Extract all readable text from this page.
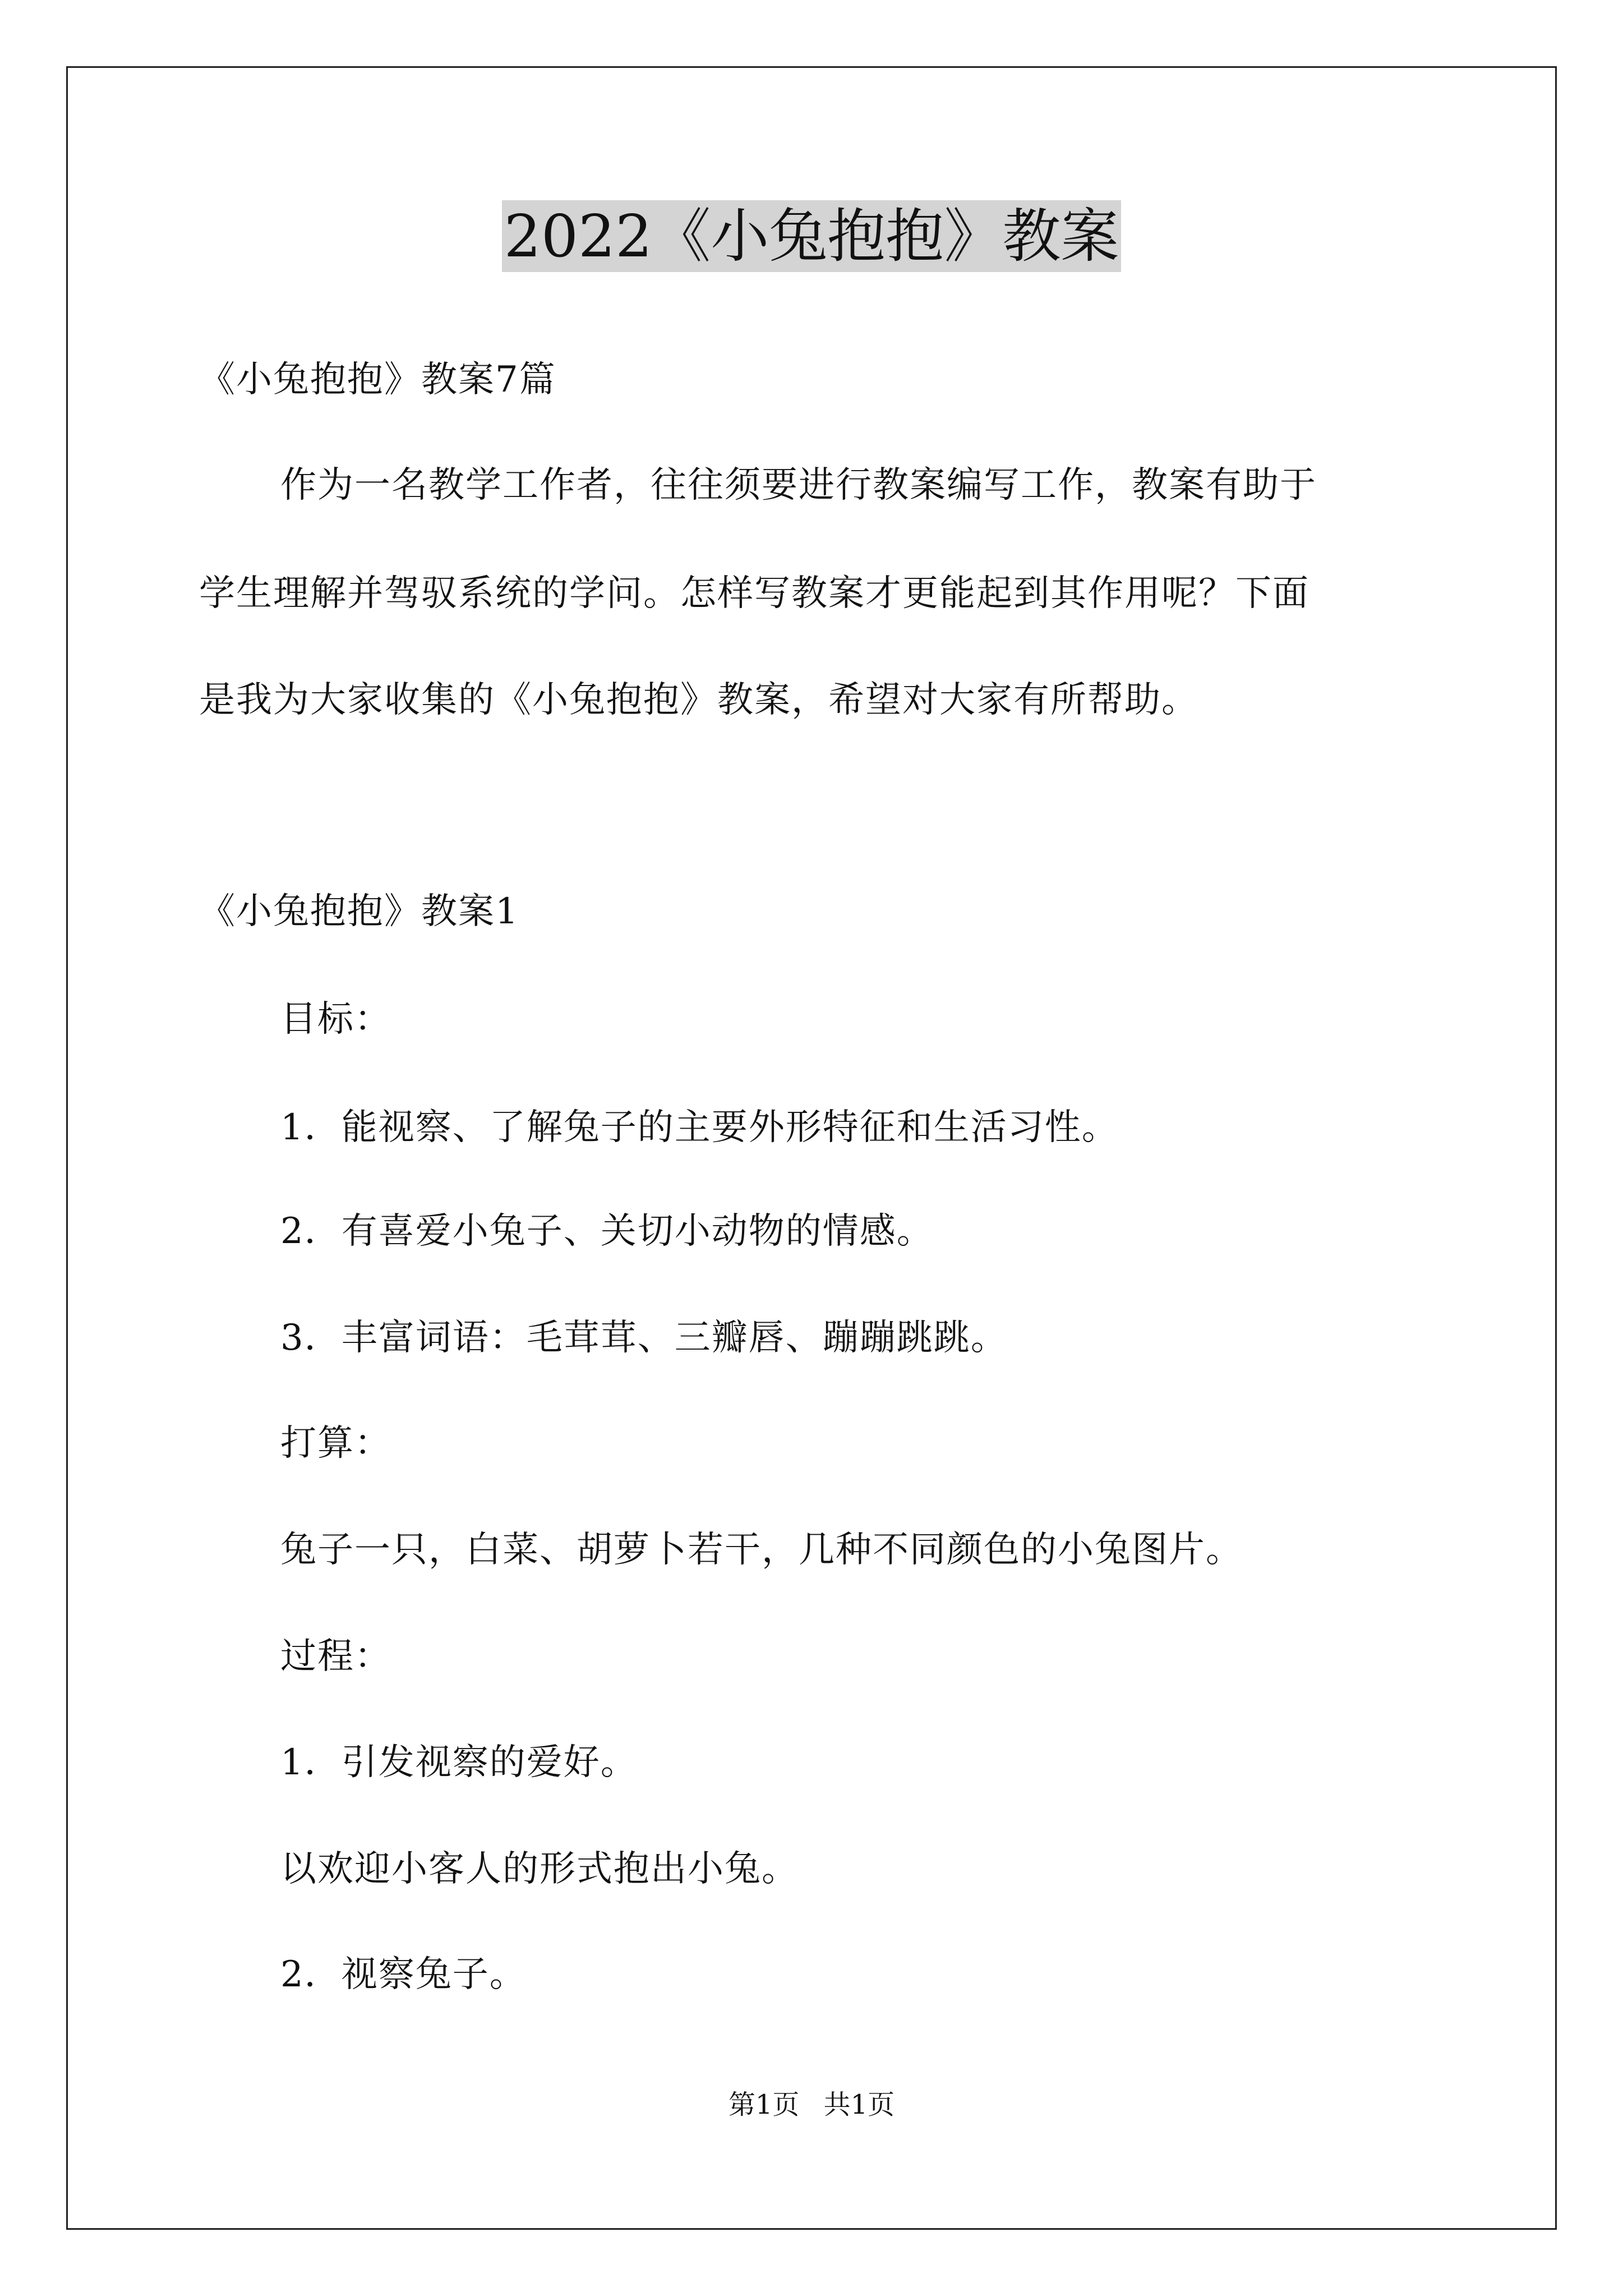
2022《小兔抱抱》教案
《小兔抱抱》教案7篇
作为一名教学工作者，往往须要进行教案编写工作，教案有助于
学生理解并驾驭系统的学问。怎样写教案才更能起到其作用呢？下面
是我为大家收集的《小兔抱抱》教案，希望对大家有所帮助。
《小兔抱抱》教案1
目标：
1．能视察、了解兔子的主要外形特征和生活习性。
2．有喜爱小兔子、关切小动物的情感。
3．丰富词语：毛茸茸、三瓣唇、蹦蹦跳跳。
打算：
兔子一只，白菜、胡萝卜若干，几种不同颜色的小兔图片。
过程：
1．引发视察的爱好。
以欢迎小客人的形式抱出小兔。
2．视察兔子。
第1页 共1页
